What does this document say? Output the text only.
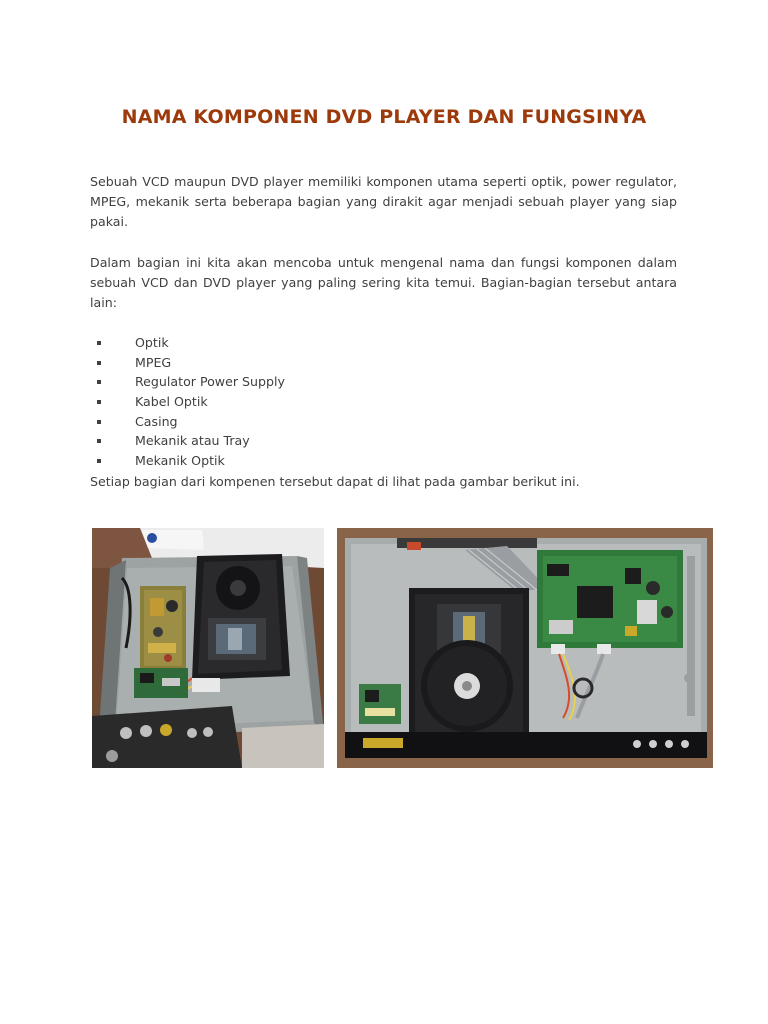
NAMA KOMPONEN DVD PLAYER DAN FUNGSINYA

Sebuah VCD maupun DVD player memiliki komponen utama seperti optik, power regulator, MPEG, mekanik serta beberapa bagian yang dirakit agar menjadi sebuah player yang siap pakai.

Dalam bagian ini kita akan mencoba untuk mengenal nama dan fungsi komponen dalam sebuah VCD dan DVD player yang paling sering kita temui. Bagian-bagian tersebut antara lain:

Optik
MPEG
Regulator Power Supply
Kabel Optik
Casing
Mekanik atau Tray
Mekanik Optik

Setiap bagian dari kompenen tersebut dapat di lihat pada gambar berikut ini.
